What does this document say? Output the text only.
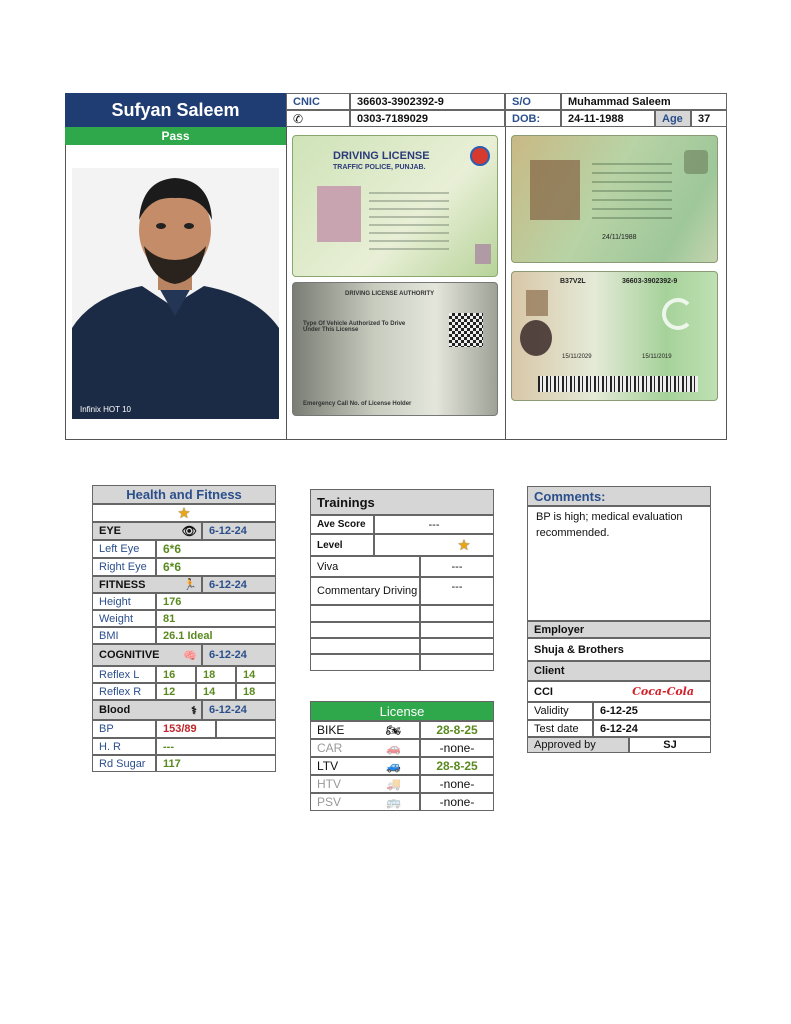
Sufyan Saleem
Pass
Infinix HOT 10
CNIC	36603-3902392-9
✆	0303-7189029
S/O	Muhammad Saleem
DOB:	24-11-1988	Age	37
DRIVING LICENSE
TRAFFIC POLICE, PUNJAB.
DRIVING LICENSE AUTHORITY
Type Of Vehicle Authorized To Drive Under This License
Emergency Call No. of License Holder
24/11/1988
B37V2L	36603-3902392-9
15/11/2029	15/11/2019
Health and Fitness
★
EYE	👁	6-12-24
Left Eye	6*6
Right Eye	6*6
FITNESS	🏃	6-12-24
Height	176
Weight	81
BMI	26.1 Ideal
COGNITIVE 🧠	6-12-24
Reflex L	16	18	14
Reflex R	12	14	18
Blood	⚕	6-12-24
BP	153/89
H. R	---
Rd Sugar	117
Trainings
Ave Score	---
Level	★
Viva	---
Commentary Driving	---
License
BIKE	🏍	28-8-25
CAR	🚗	-none-
LTV	🚙	28-8-25
HTV	🚚	-none-
PSV	🚌	-none-
Comments:
BP is high; medical evaluation recommended.
Employer
Shuja & Brothers
Client
CCI	Coca-Cola
Validity	6-12-25
Test date	6-12-24
Approved by	SJ
